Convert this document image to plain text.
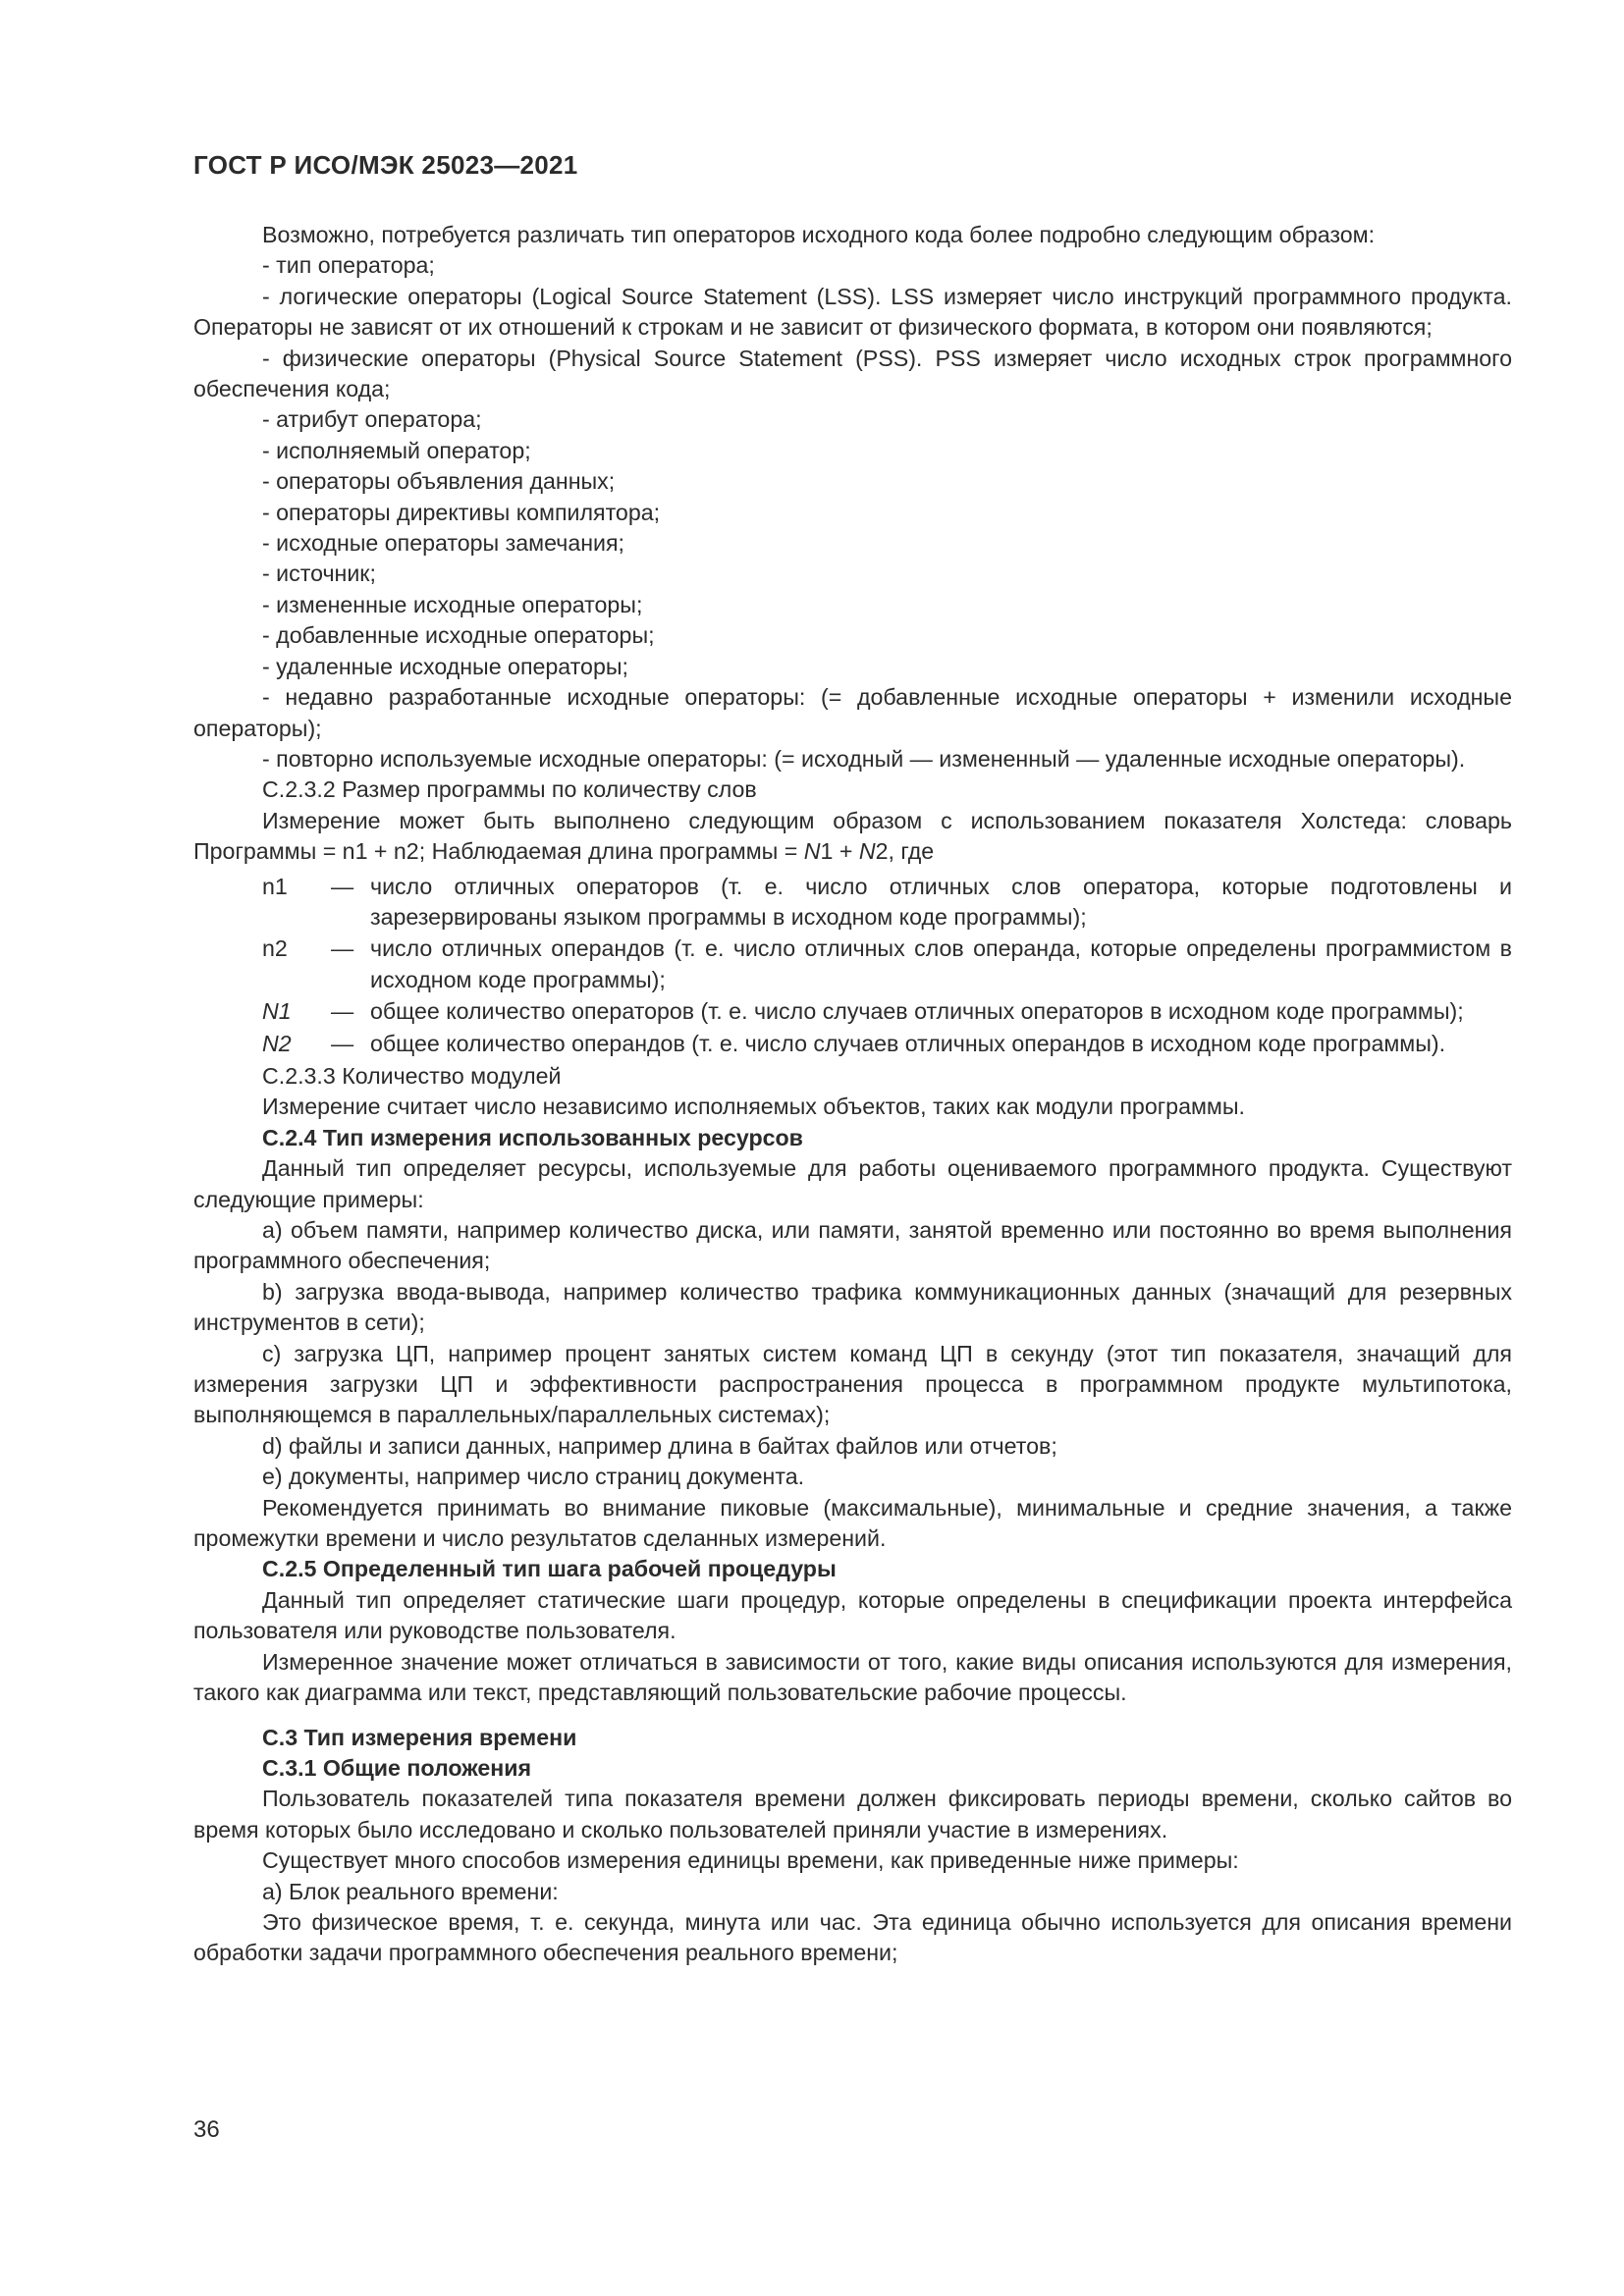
ГОСТ Р ИСО/МЭК 25023—2021

Возможно, потребуется различать тип операторов исходного кода более подробно следующим образом:

- тип оператора;

- логические операторы (Logical Source Statement (LSS). LSS измеряет число инструкций программного продукта. Операторы не зависят от их отношений к строкам и не зависит от физического формата, в котором они появляются;

- физические операторы (Physical Source Statement (PSS). PSS измеряет число исходных строк программного обеспечения кода;

- атрибут оператора;

- исполняемый оператор;

- операторы объявления данных;

- операторы директивы компилятора;

- исходные операторы замечания;

- источник;

- измененные исходные операторы;

- добавленные исходные операторы;

- удаленные исходные операторы;

- недавно разработанные исходные операторы: (= добавленные исходные операторы + изменили исходные операторы);

- повторно используемые исходные операторы: (= исходный — измененный — удаленные исходные операторы).

С.2.3.2 Размер программы по количеству слов

Измерение может быть выполнено следующим образом с использованием показателя Холстеда: словарь Программы = n1 + n2; Наблюдаемая длина программы = N1 + N2, где

n1	— число отличных операторов (т. е. число отличных слов оператора, которые подготовлены и зарезервированы языком программы в исходном коде программы);
n2	— число отличных операндов (т. е. число отличных слов операнда, которые определены программистом в исходном коде программы);
N1	— общее количество операторов (т. е. число случаев отличных операторов в исходном коде программы);
N2	— общее количество операндов (т. е. число случаев отличных операндов в исходном коде программы).

С.2.3.3 Количество модулей

Измерение считает число независимо исполняемых объектов, таких как модули программы.

С.2.4 Тип измерения использованных ресурсов

Данный тип определяет ресурсы, используемые для работы оцениваемого программного продукта. Существуют следующие примеры:

a) объем памяти, например количество диска, или памяти, занятой временно или постоянно во время выполнения программного обеспечения;

b) загрузка ввода-вывода, например количество трафика коммуникационных данных (значащий для резервных инструментов в сети);

c) загрузка ЦП, например процент занятых систем команд ЦП в секунду (этот тип показателя, значащий для измерения загрузки ЦП и эффективности распространения процесса в программном продукте мультипотока, выполняющемся в параллельных/параллельных системах);

d) файлы и записи данных, например длина в байтах файлов или отчетов;

e) документы, например число страниц документа.

Рекомендуется принимать во внимание пиковые (максимальные), минимальные и средние значения, а также промежутки времени и число результатов сделанных измерений.

С.2.5 Определенный тип шага рабочей процедуры

Данный тип определяет статические шаги процедур, которые определены в спецификации проекта интерфейса пользователя или руководстве пользователя.

Измеренное значение может отличаться в зависимости от того, какие виды описания используются для измерения, такого как диаграмма или текст, представляющий пользовательские рабочие процессы.

С.3 Тип измерения времени

С.3.1 Общие положения

Пользователь показателей типа показателя времени должен фиксировать периоды времени, сколько сайтов во время которых было исследовано и сколько пользователей приняли участие в измерениях.

Существует много способов измерения единицы времени, как приведенные ниже примеры:

a) Блок реального времени:

Это физическое время, т. е. секунда, минута или час. Эта единица обычно используется для описания времени обработки задачи программного обеспечения реального времени;

36
